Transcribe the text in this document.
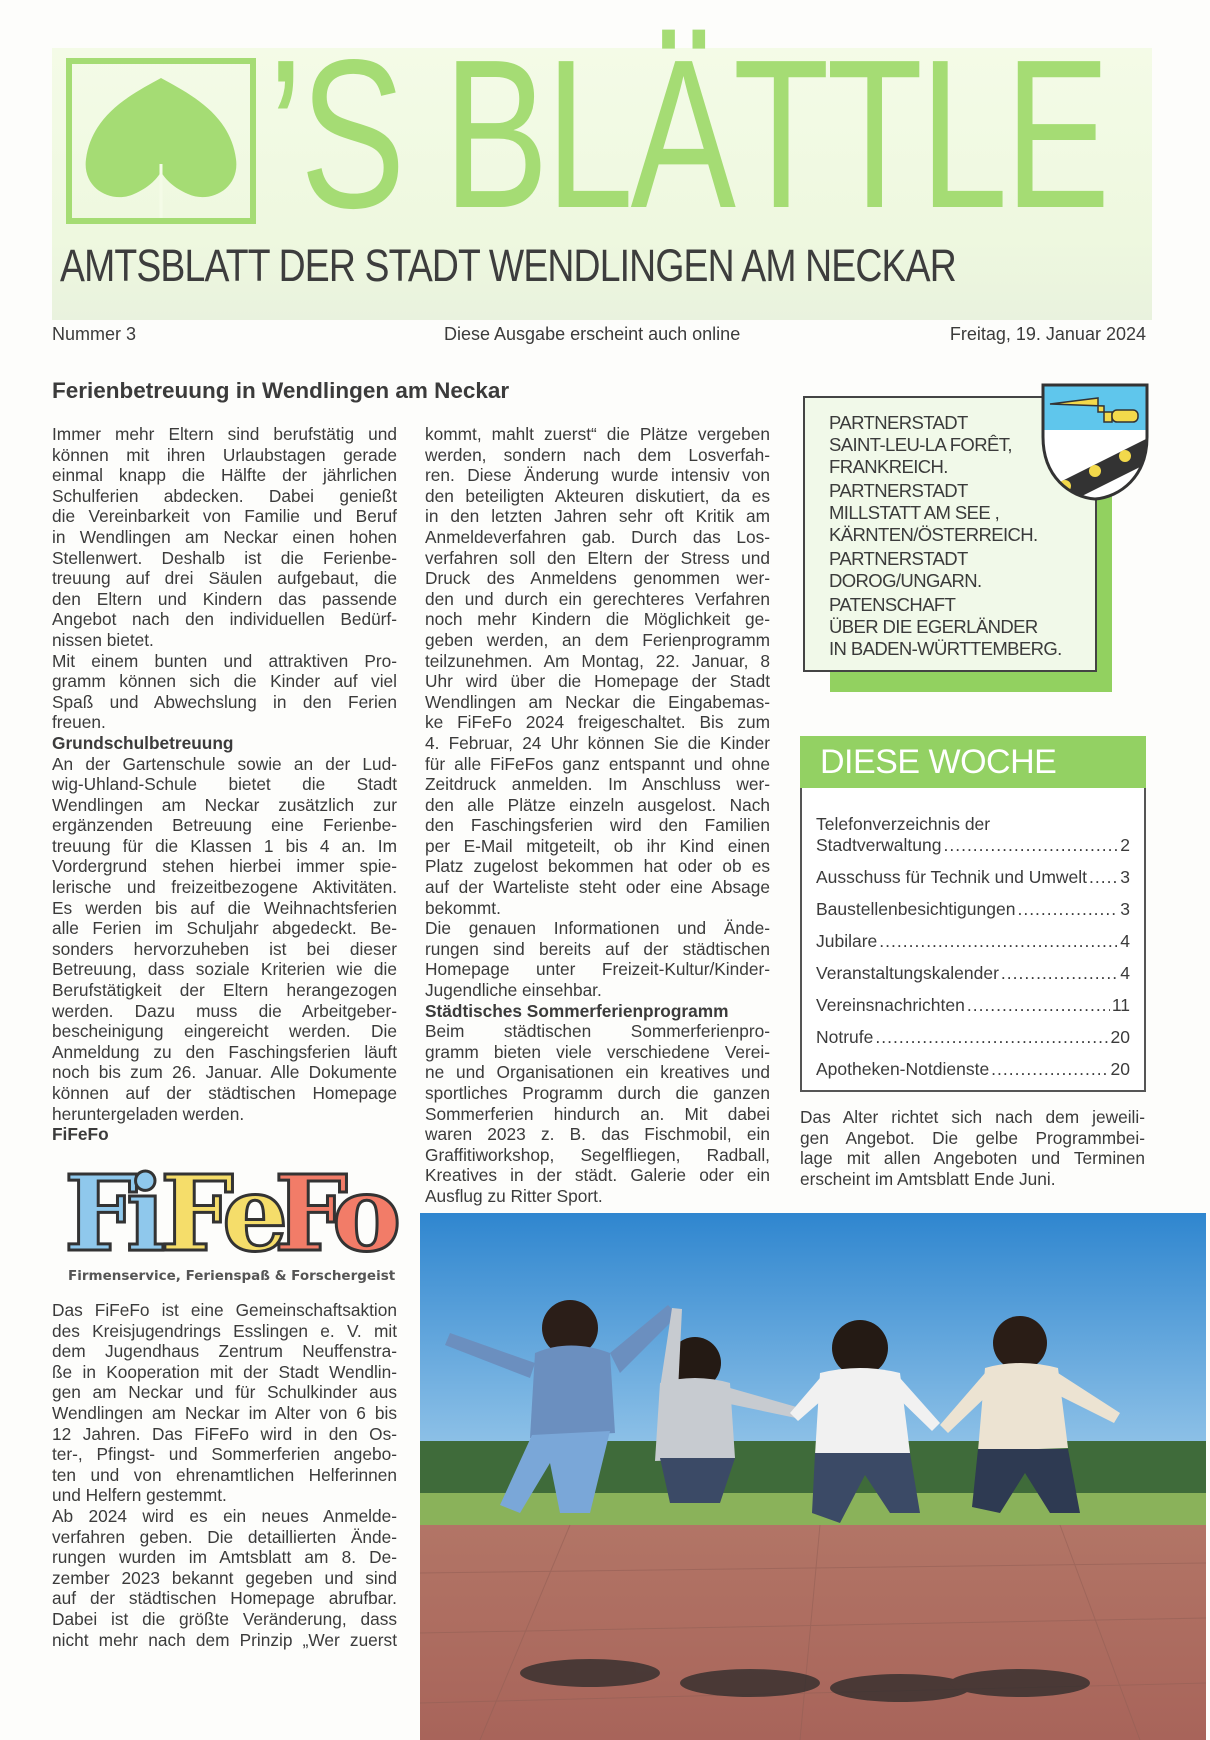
’S BLÄTTLE
AMTSBLATT DER STADT WENDLINGEN AM NECKAR
Nummer 3	Diese Ausgabe erscheint auch online	Freitag, 19. Januar 2024
Ferienbetreuung in Wendlingen am Neckar
Immer mehr Eltern sind berufstätig und
können mit ihren Urlaubstagen gerade
einmal knapp die Hälfte der jährlichen
Schulferien abdecken. Dabei genießt
die Vereinbarkeit von Familie und Beruf
in Wendlingen am Neckar einen hohen
Stellenwert. Deshalb ist die Ferienbe-
treuung auf drei Säulen aufgebaut, die
den Eltern und Kindern das passende
Angebot nach den individuellen Bedürf-
nissen bietet.
Mit einem bunten und attraktiven Pro-
gramm können sich die Kinder auf viel
Spaß und Abwechslung in den Ferien
freuen.
Grundschulbetreuung
An der Gartenschule sowie an der Lud-
wig-Uhland-Schule bietet die Stadt
Wendlingen am Neckar zusätzlich zur
ergänzenden Betreuung eine Ferienbe-
treuung für die Klassen 1 bis 4 an. Im
Vordergrund stehen hierbei immer spie-
lerische und freizeitbezogene Aktivitäten.
Es werden bis auf die Weihnachtsferien
alle Ferien im Schuljahr abgedeckt. Be-
sonders hervorzuheben ist bei dieser
Betreuung, dass soziale Kriterien wie die
Berufstätigkeit der Eltern herangezogen
werden. Dazu muss die Arbeitgeber-
bescheinigung eingereicht werden. Die
Anmeldung zu den Faschingsferien läuft
noch bis zum 26. Januar. Alle Dokumente
können auf der städtischen Homepage
heruntergeladen werden.
FiFeFo
F
i
F
e
F
o
Firmenservice, Ferienspaß & Forschergeist
Das FiFeFo ist eine Gemeinschaftsaktion
des Kreisjugendrings Esslingen e. V. mit
dem Jugendhaus Zentrum Neuffenstra-
ße in Kooperation mit der Stadt Wendlin-
gen am Neckar und für Schulkinder aus
Wendlingen am Neckar im Alter von 6 bis
12 Jahren. Das FiFeFo wird in den Os-
ter-, Pfingst- und Sommerferien angebo-
ten und von ehrenamtlichen Helferinnen
und Helfern gestemmt.
Ab 2024 wird es ein neues Anmelde-
verfahren geben. Die detaillierten Ände-
rungen wurden im Amtsblatt am 8. De-
zember 2023 bekannt gegeben und sind
auf der städtischen Homepage abrufbar.
Dabei ist die größte Veränderung, dass
nicht mehr nach dem Prinzip „Wer zuerst
kommt, mahlt zuerst“ die Plätze vergeben
werden, sondern nach dem Losverfah-
ren. Diese Änderung wurde intensiv von
den beteiligten Akteuren diskutiert, da es
in den letzten Jahren sehr oft Kritik am
Anmeldeverfahren gab. Durch das Los-
verfahren soll den Eltern der Stress und
Druck des Anmeldens genommen wer-
den und durch ein gerechteres Verfahren
noch mehr Kindern die Möglichkeit ge-
geben werden, an dem Ferienprogramm
teilzunehmen. Am Montag, 22. Januar, 8
Uhr wird über die Homepage der Stadt
Wendlingen am Neckar die Eingabemas-
ke FiFeFo 2024 freigeschaltet. Bis zum
4. Februar, 24 Uhr können Sie die Kinder
für alle FiFeFos ganz entspannt und ohne
Zeitdruck anmelden. Im Anschluss wer-
den alle Plätze einzeln ausgelost. Nach
den Faschingsferien wird den Familien
per E-Mail mitgeteilt, ob ihr Kind einen
Platz zugelost bekommen hat oder ob es
auf der Warteliste steht oder eine Absage
bekommt.
Die genauen Informationen und Ände-
rungen sind bereits auf der städtischen
Homepage unter Freizeit-Kultur/Kinder-
Jugendliche einsehbar.
Städtisches Sommerferienprogramm
Beim städtischen Sommerferienpro-
gramm bieten viele verschiedene Verei-
ne und Organisationen ein kreatives und
sportliches Programm durch die ganzen
Sommerferien hindurch an. Mit dabei
waren 2023 z. B. das Fischmobil, ein
Graffitiworkshop, Segelfliegen, Radball,
Kreatives in der städt. Galerie oder ein
Ausflug zu Ritter Sport.
PARTNERSTADT
SAINT-LEU-LA FORÊT,
FRANKREICH.
PARTNERSTADT
MILLSTATT AM SEE ,
KÄRNTEN/ÖSTERREICH.
PARTNERSTADT
DOROG/UNGARN.
PATENSCHAFT
ÜBER DIE EGERLÄNDER
IN BADEN-WÜRTTEMBERG.
DIESE WOCHE
Telefonverzeichnis der
Stadtverwaltung .....	2
Ausschuss für Technik und Umwelt ..... 3
Baustellenbesichtigungen .....	3
Jubilare .....	4
Veranstaltungskalender .....	4
Vereinsnachrichten .....	11
Notrufe .....	20
Apotheken-Notdienste .....	20
Das Alter richtet sich nach dem jeweili-
gen Angebot. Die gelbe Programmbei-
lage mit allen Angeboten und Terminen
erscheint im Amtsblatt Ende Juni.
